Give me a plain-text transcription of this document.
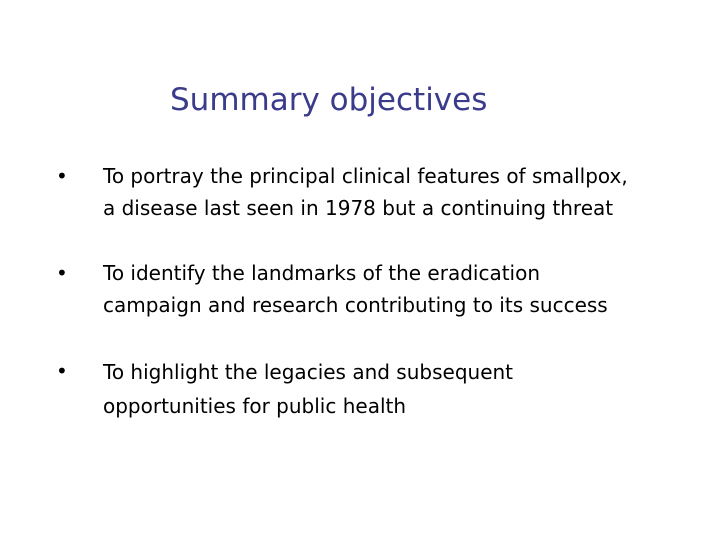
Summary objectives
• To portray the principal clinical features of smallpox,
a disease last seen in 1978 but a continuing threat
• To identify the landmarks of the eradication
campaign and research contributing to its success
• To highlight the legacies and subsequent
opportunities for public health
